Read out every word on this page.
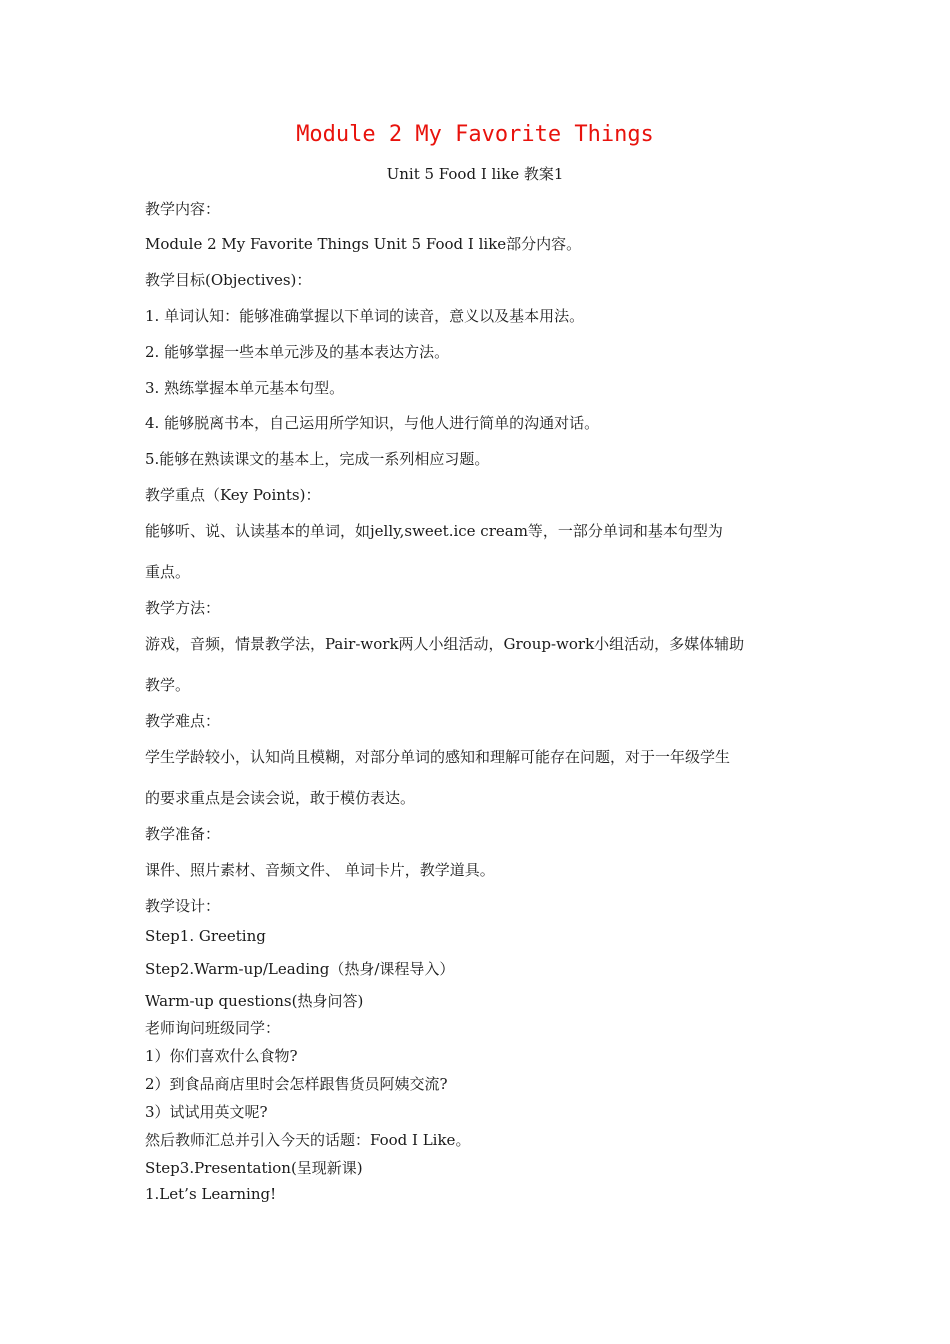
Module 2 My Favorite Things
Unit 5 Food I like 教案1
教学内容：
Module 2 My Favorite Things Unit 5 Food I like部分内容。
教学目标(Objectives)：
1. 单词认知：能够准确掌握以下单词的读音，意义以及基本用法。
2. 能够掌握一些本单元涉及的基本表达方法。
3. 熟练掌握本单元基本句型。
4. 能够脱离书本，自己运用所学知识，与他人进行简单的沟通对话。
5.能够在熟读课文的基本上，完成一系列相应习题。
教学重点（Key Points)：
能够听、说、认读基本的单词，如jelly,sweet.ice cream等，一部分单词和基本句型为
重点。
教学方法：
游戏，音频，情景教学法，Pair-work两人小组活动，Group-work小组活动，多媒体辅助
教学。
教学难点：
学生学龄较小，认知尚且模糊，对部分单词的感知和理解可能存在问题，对于一年级学生
的要求重点是会读会说，敢于模仿表达。
教学准备：
课件、照片素材、音频文件、 单词卡片，教学道具。
教学设计：
Step1. Greeting
Step2.Warm-up/Leading（热身/课程导入）
Warm-up questions(热身问答)
老师询问班级同学：
1）你们喜欢什么食物?
2）到食品商店里时会怎样跟售货员阿姨交流?
3）试试用英文呢?
然后教师汇总并引入今天的话题：Food I Like。
Step3.Presentation(呈现新课)
1.Let’s Learning!
